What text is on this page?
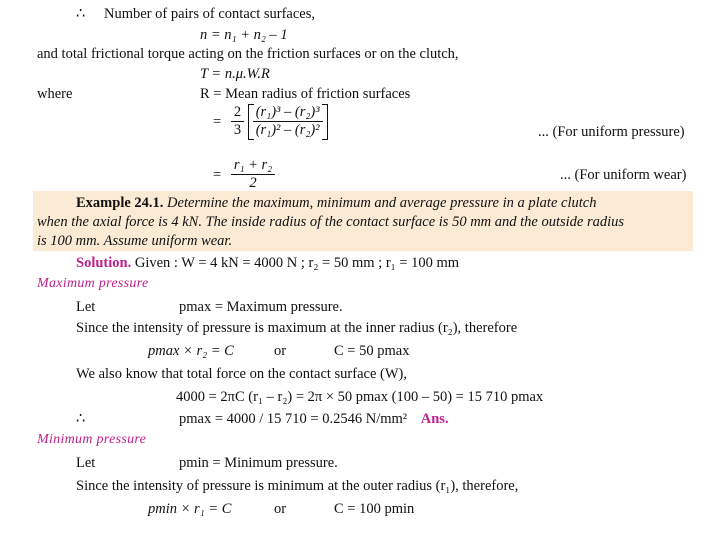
∴ Number of pairs of contact surfaces,
n = n₁ + n₂ – 1
and total frictional torque acting on the friction surfaces or on the clutch,
T = n.μ.W.R
where	R = Mean radius of friction surfaces
= $\frac{2}{3}$
$\frac{\text{(r₁)³ – (r₂)³}}{\text{(r₁)² – (r₂)²}}$	... (For uniform pressure)
= $\frac{\text{r₁ + r₂}}{2}$	... (For uniform wear)
Example 24.1. Determine the maximum, minimum and average pressure in a plate clutch
when the axial force is 4 kN. The inside radius of the contact surface is 50 mm and the outside radius
is 100 mm. Assume uniform wear.
Solution. Given : W = 4 kN = 4000 N ; r₂ = 50 mm ; r₁ = 100 mm
Maximum pressure
Let	pmax = Maximum pressure.
Since the intensity of pressure is maximum at the inner radius (r₂), therefore
pmax × r₂ = C	or	C = 50 pmax
We also know that total force on the contact surface (W),
4000 = 2πC (r₁ – r₂) = 2π × 50 pmax (100 – 50) = 15 710 pmax
∴	pmax = 4000 / 15 710 = 0.2546 N/mm² Ans.
Minimum pressure
Let	pmin = Minimum pressure.
Since the intensity of pressure is minimum at the outer radius (r₁), therefore,
pmin × r₁ = C	or	C = 100 pmin
